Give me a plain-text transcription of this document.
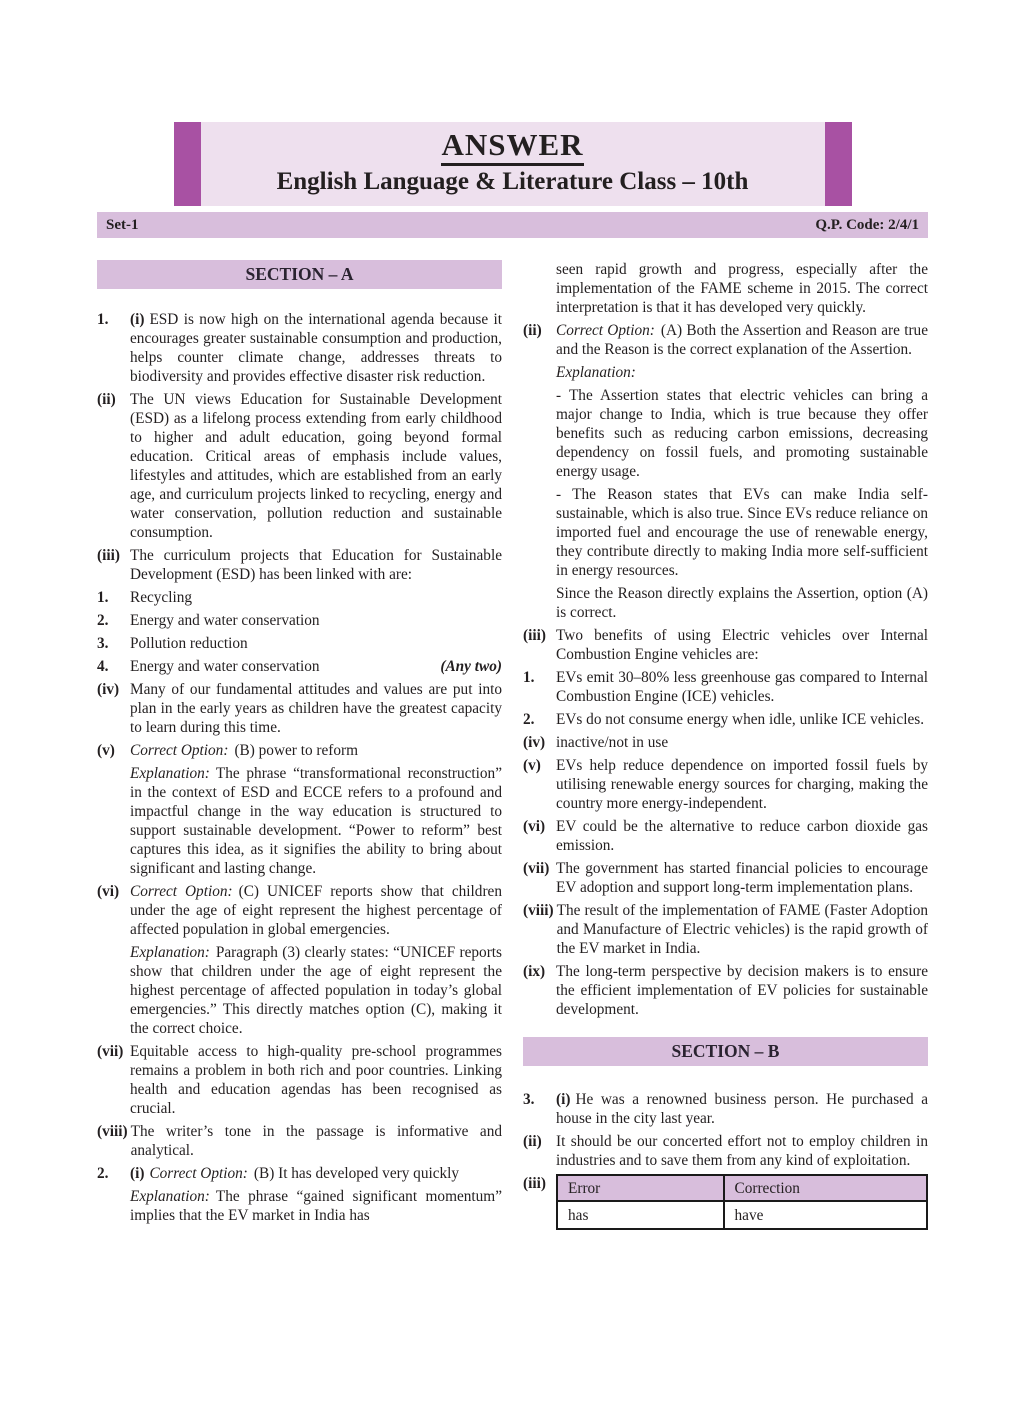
ANSWER
English Language & Literature Class – 10th
Set-1	Q.P. Code: 2/4/1
SECTION – A
1.	(i) ESD is now high on the international agenda because it encourages greater sustainable consumption and production, helps counter climate change, addresses threats to biodiversity and provides effective disaster risk reduction.
(ii) The UN views Education for Sustainable Development (ESD) as a lifelong process extending from early childhood to higher and adult education, going beyond formal education. Critical areas of emphasis include values, lifestyles and attitudes, which are established from an early age, and curriculum projects linked to recycling, energy and water conservation, pollution reduction and sustainable consumption.
(iii) The curriculum projects that Education for Sustainable Development (ESD) has been linked with are:
1.	Recycling
2.	Energy and water conservation
3.	Pollution reduction
4.	Energy and water conservation	(Any two)
(iv) Many of our fundamental attitudes and values are put into plan in the early years as children have the greatest capacity to learn during this time.
(v) Correct Option: (B) power to reform
Explanation: The phrase “transformational reconstruction” in the context of ESD and ECCE refers to a profound and impactful change in the way education is structured to support sustainable development. “Power to reform” best captures this idea, as it signifies the ability to bring about significant and lasting change.
(vi) Correct Option: (C) UNICEF reports show that children under the age of eight represent the highest percentage of affected population in global emergencies.
Explanation: Paragraph (3) clearly states: “UNICEF reports show that children under the age of eight represent the highest percentage of affected population in today’s global emergencies.” This directly matches option (C), making it the correct choice.
(vii) Equitable access to high-quality pre-school programmes remains a problem in both rich and poor countries. Linking health and education agendas has been recognised as crucial.
(viii) The writer’s tone in the passage is informative and analytical.
2.	(i) Correct Option: (B) It has developed very quickly
Explanation: The phrase “gained significant momentum” implies that the EV market in India has
seen rapid growth and progress, especially after the implementation of the FAME scheme in 2015. The correct interpretation is that it has developed very quickly.
(ii) Correct Option: (A) Both the Assertion and Reason are true and the Reason is the correct explanation of the Assertion.
Explanation:
- The Assertion states that electric vehicles can bring a major change to India, which is true because they offer benefits such as reducing carbon emissions, decreasing dependency on fossil fuels, and promoting sustainable energy usage.
- The Reason states that EVs can make India self-sustainable, which is also true. Since EVs reduce reliance on imported fuel and encourage the use of renewable energy, they contribute directly to making India more self-sufficient in energy resources.
Since the Reason directly explains the Assertion, option (A) is correct.
(iii) Two benefits of using Electric vehicles over Internal Combustion Engine vehicles are:
1.	EVs emit 30–80% less greenhouse gas compared to Internal Combustion Engine (ICE) vehicles.
2.	EVs do not consume energy when idle, unlike ICE vehicles.
(iv) inactive/not in use
(v) EVs help reduce dependence on imported fossil fuels by utilising renewable energy sources for charging, making the country more energy-independent.
(vi) EV could be the alternative to reduce carbon dioxide gas emission.
(vii) The government has started financial policies to encourage EV adoption and support long-term implementation plans.
(viii) The result of the implementation of FAME (Faster Adoption and Manufacture of Electric vehicles) is the rapid growth of the EV market in India.
(ix) The long-term perspective by decision makers is to ensure the efficient implementation of EV policies for sustainable development.
SECTION – B
3.	(i) He was a renowned business person. He purchased a house in the city last year.
(ii) It should be our concerted effort not to employ children in industries and to save them from any kind of exploitation.
(iii)	Error	Correction
has	have
